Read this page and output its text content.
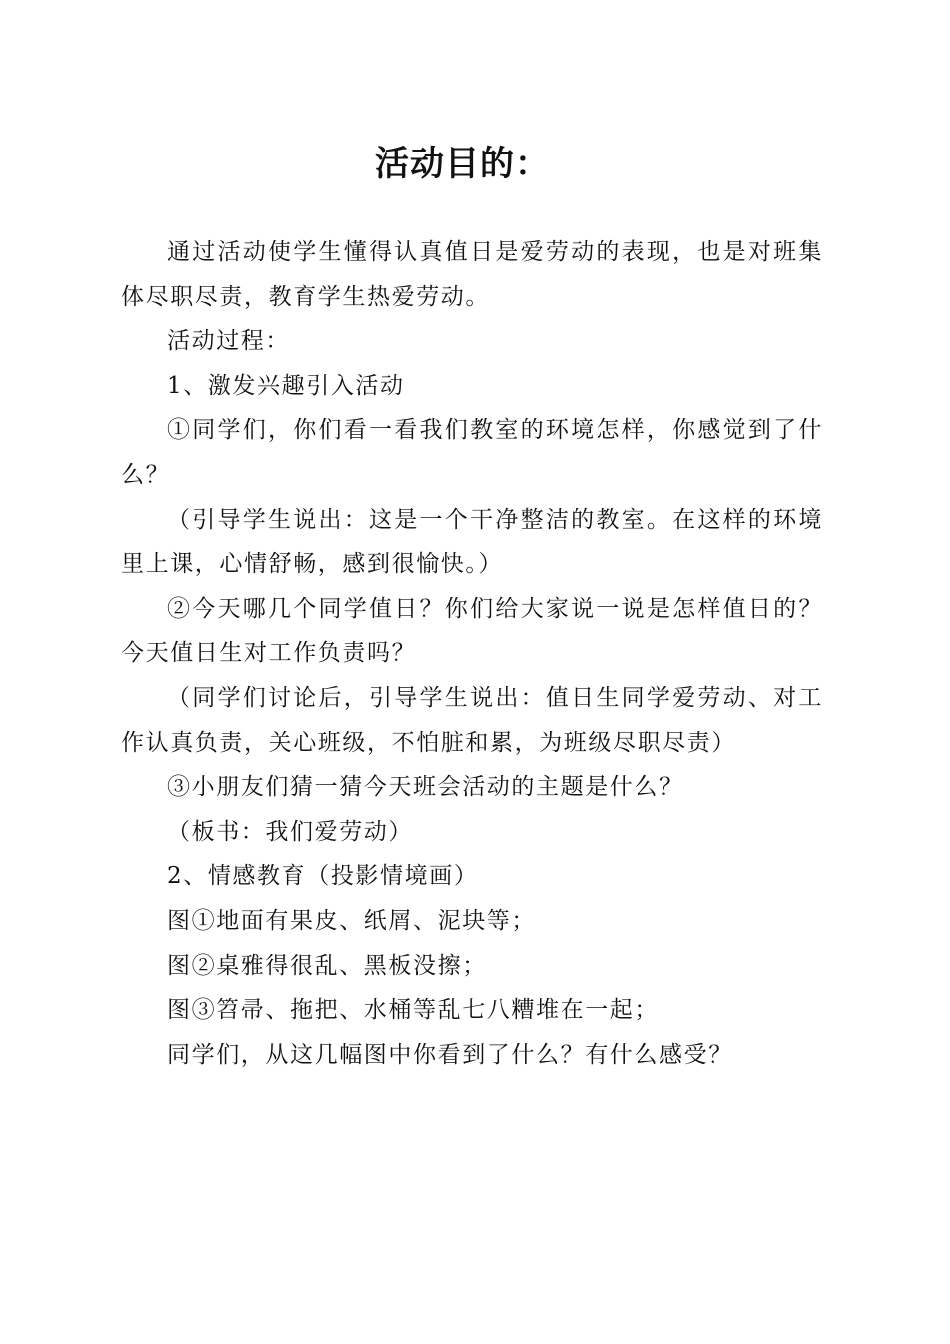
活动目的：

通过活动使学生懂得认真值日是爱劳动的表现，也是对班集体尽职尽责，教育学生热爱劳动。

活动过程：

1、激发兴趣引入活动

①同学们，你们看一看我们教室的环境怎样，你感觉到了什么？

（引导学生说出：这是一个干净整洁的教室。在这样的环境里上课，心情舒畅，感到很愉快。）

②今天哪几个同学值日？你们给大家说一说是怎样值日的？今天值日生对工作负责吗？

（同学们讨论后，引导学生说出：值日生同学爱劳动、对工作认真负责，关心班级，不怕脏和累，为班级尽职尽责）

③小朋友们猜一猜今天班会活动的主题是什么？

（板书：我们爱劳动）

2、情感教育（投影情境画）

图①地面有果皮、纸屑、泥块等；

图②桌雅得很乱、黑板没擦；

图③笤帚、拖把、水桶等乱七八糟堆在一起；

同学们，从这几幅图中你看到了什么？有什么感受？
